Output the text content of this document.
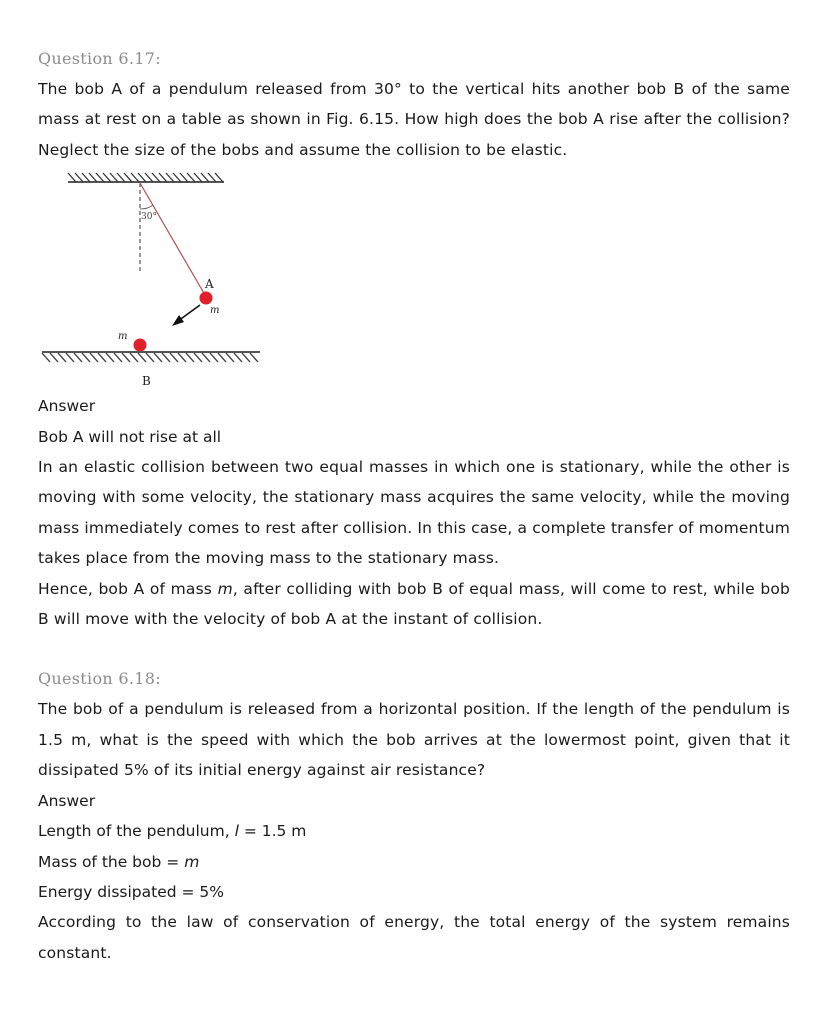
Question 6.17:

The bob A of a pendulum released from 30° to the vertical hits another bob B of the same mass at rest on a table as shown in Fig. 6.15. How high does the bob A rise after the collision? Neglect the size of the bobs and assume the collision to be elastic.

30°
A
m
m
B

Answer

Bob A will not rise at all

In an elastic collision between two equal masses in which one is stationary, while the other is moving with some velocity, the stationary mass acquires the same velocity, while the moving mass immediately comes to rest after collision. In this case, a complete transfer of momentum takes place from the moving mass to the stationary mass.

Hence, bob A of mass m, after colliding with bob B of equal mass, will come to rest, while bob B will move with the velocity of bob A at the instant of collision.

Question 6.18:

The bob of a pendulum is released from a horizontal position. If the length of the pendulum is 1.5 m, what is the speed with which the bob arrives at the lowermost point, given that it dissipated 5% of its initial energy against air resistance?

Answer

Length of the pendulum, l = 1.5 m

Mass of the bob = m

Energy dissipated = 5%

According to the law of conservation of energy, the total energy of the system remains constant.
